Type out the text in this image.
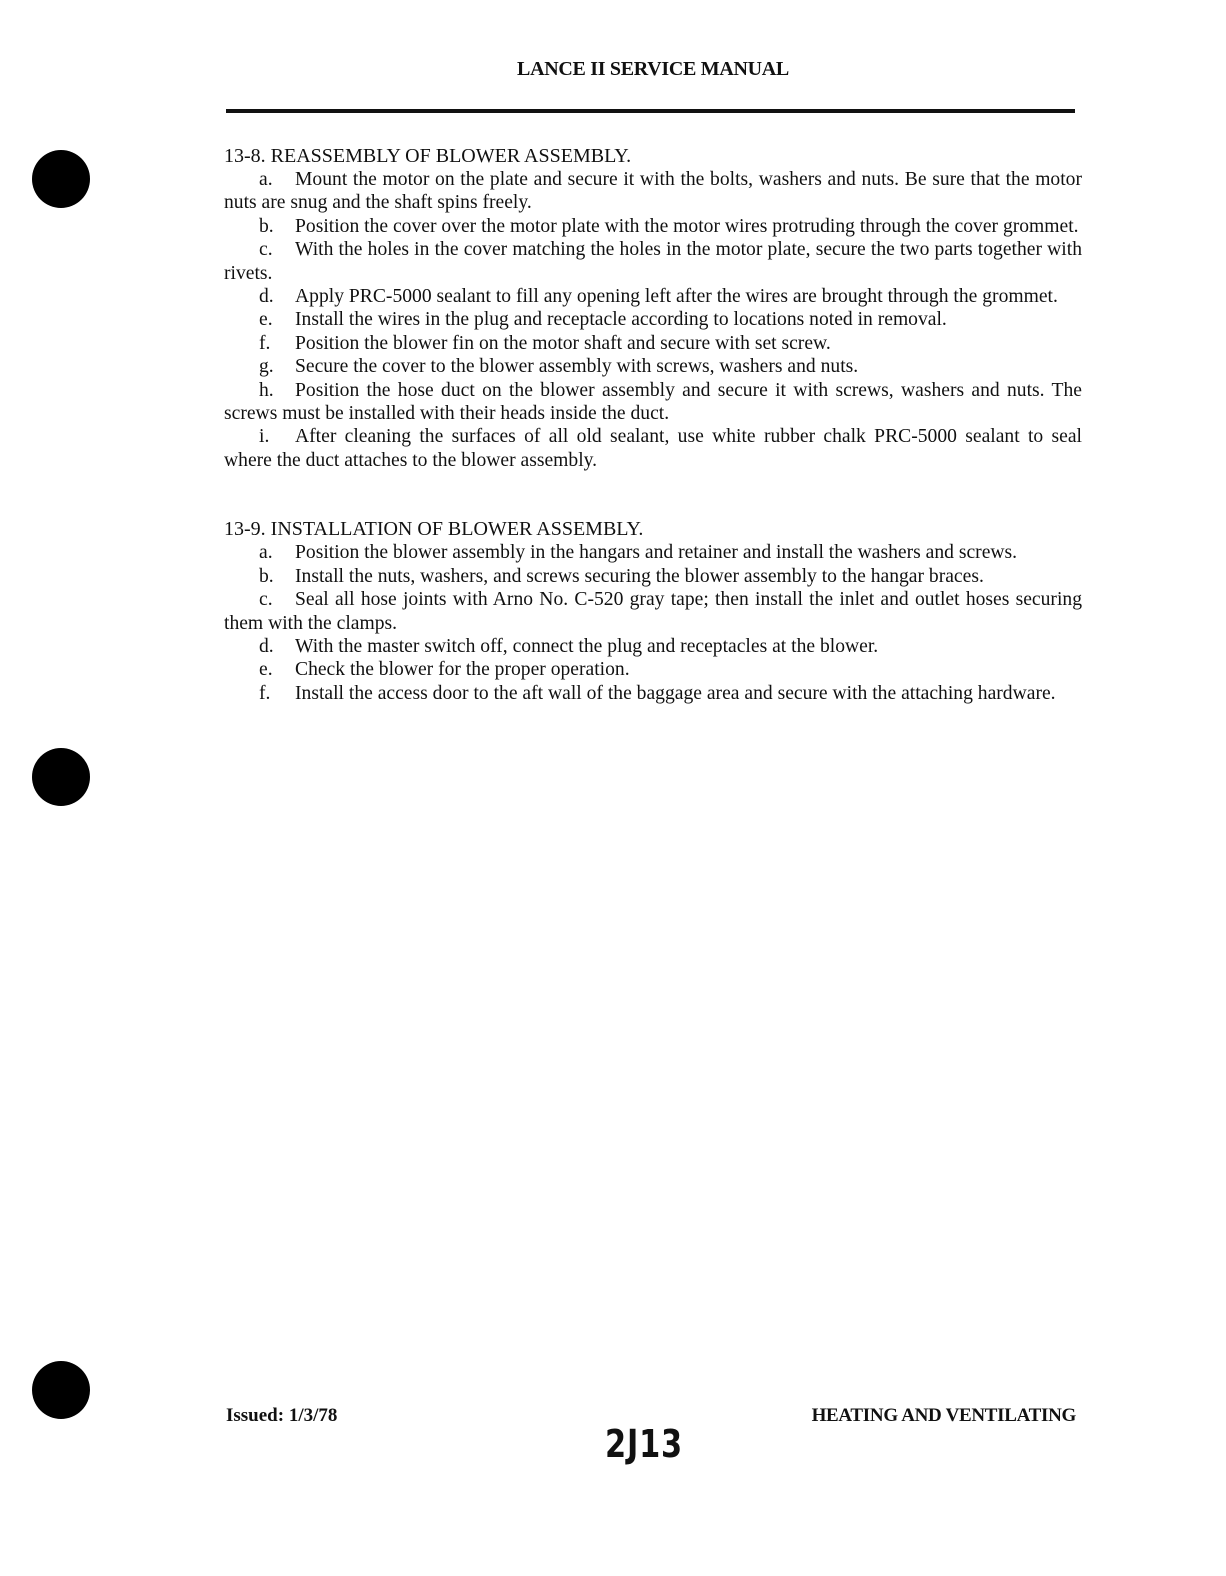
LANCE II SERVICE MANUAL
13-8. REASSEMBLY OF BLOWER ASSEMBLY.

a. Mount the motor on the plate and secure it with the bolts, washers and nuts. Be sure that the motor nuts are snug and the shaft spins freely.

b. Position the cover over the motor plate with the motor wires protruding through the cover grommet.

c. With the holes in the cover matching the holes in the motor plate, secure the two parts together with rivets.

d. Apply PRC-5000 sealant to fill any opening left after the wires are brought through the grommet.

e. Install the wires in the plug and receptacle according to locations noted in removal.

f. Position the blower fin on the motor shaft and secure with set screw.

g. Secure the cover to the blower assembly with screws, washers and nuts.

h. Position the hose duct on the blower assembly and secure it with screws, washers and nuts. The screws must be installed with their heads inside the duct.

i. After cleaning the surfaces of all old sealant, use white rubber chalk PRC-5000 sealant to seal where the duct attaches to the blower assembly.

13-9. INSTALLATION OF BLOWER ASSEMBLY.

a. Position the blower assembly in the hangars and retainer and install the washers and screws.

b. Install the nuts, washers, and screws securing the blower assembly to the hangar braces.

c. Seal all hose joints with Arno No. C-520 gray tape; then install the inlet and outlet hoses securing them with the clamps.

d. With the master switch off, connect the plug and receptacles at the blower.

e. Check the blower for the proper operation.

f. Install the access door to the aft wall of the baggage area and secure with the attaching hardware.

Issued: 1/3/78	HEATING AND VENTILATING
2J13
